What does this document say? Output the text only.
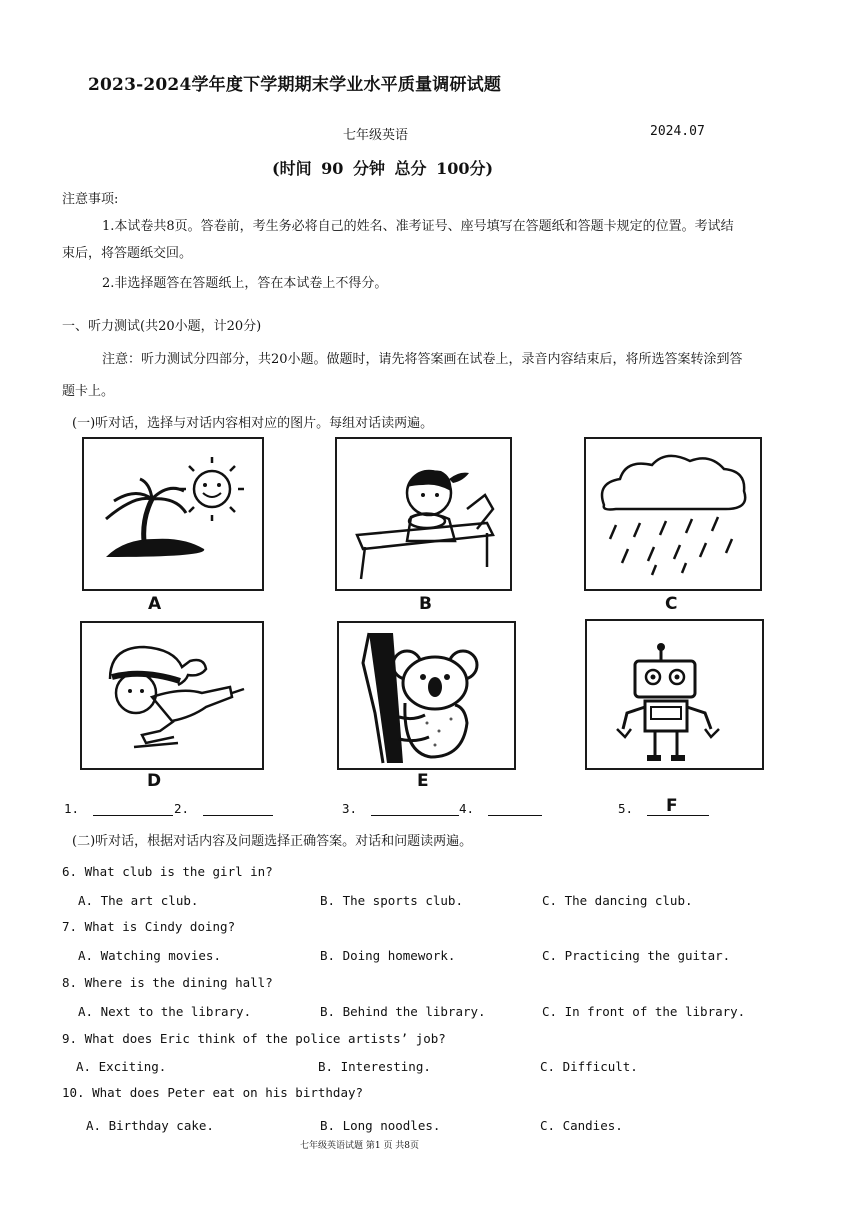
2023-2024学年度下学期期末学业水平质量调研试题
七年级英语	2024.07
(时间 90 分钟 总分 100分)
注意事项:
1.本试卷共8页。答卷前，考生务必将自己的姓名、准考证号、座号填写在答题纸和答题卡规定的位置。考试结
束后，将答题纸交回。
2.非选择题答在答题纸上，答在本试卷上不得分。
一、听力测试(共20小题，计20分)
注意：听力测试分四部分，共20小题。做题时，请先将答案画在试卷上，录音内容结束后，将所选答案转涂到答
题卡上。
(一)听对话，选择与对话内容相对应的图片。每组对话读两遍。
A	B	C
D	E
F
1.	2.	3.	4.	5.
(二)听对话，根据对话内容及问题选择正确答案。对话和问题读两遍。
6. What club is the girl in?
A. The art club.	B. The sports club.	C. The dancing club.
7. What is Cindy doing?
A. Watching movies.	B. Doing homework.	C. Practicing the guitar.
8. Where is the dining hall?
A. Next to the library.	B. Behind the library.	C. In front of the library.
9. What does Eric think of the police artists’ job?
A. Exciting.	B. Interesting.	C. Difficult.
10. What does Peter eat on his birthday?
A. Birthday cake.	B. Long noodles.	C. Candies.
七年级英语试题 第1 页 共8页
